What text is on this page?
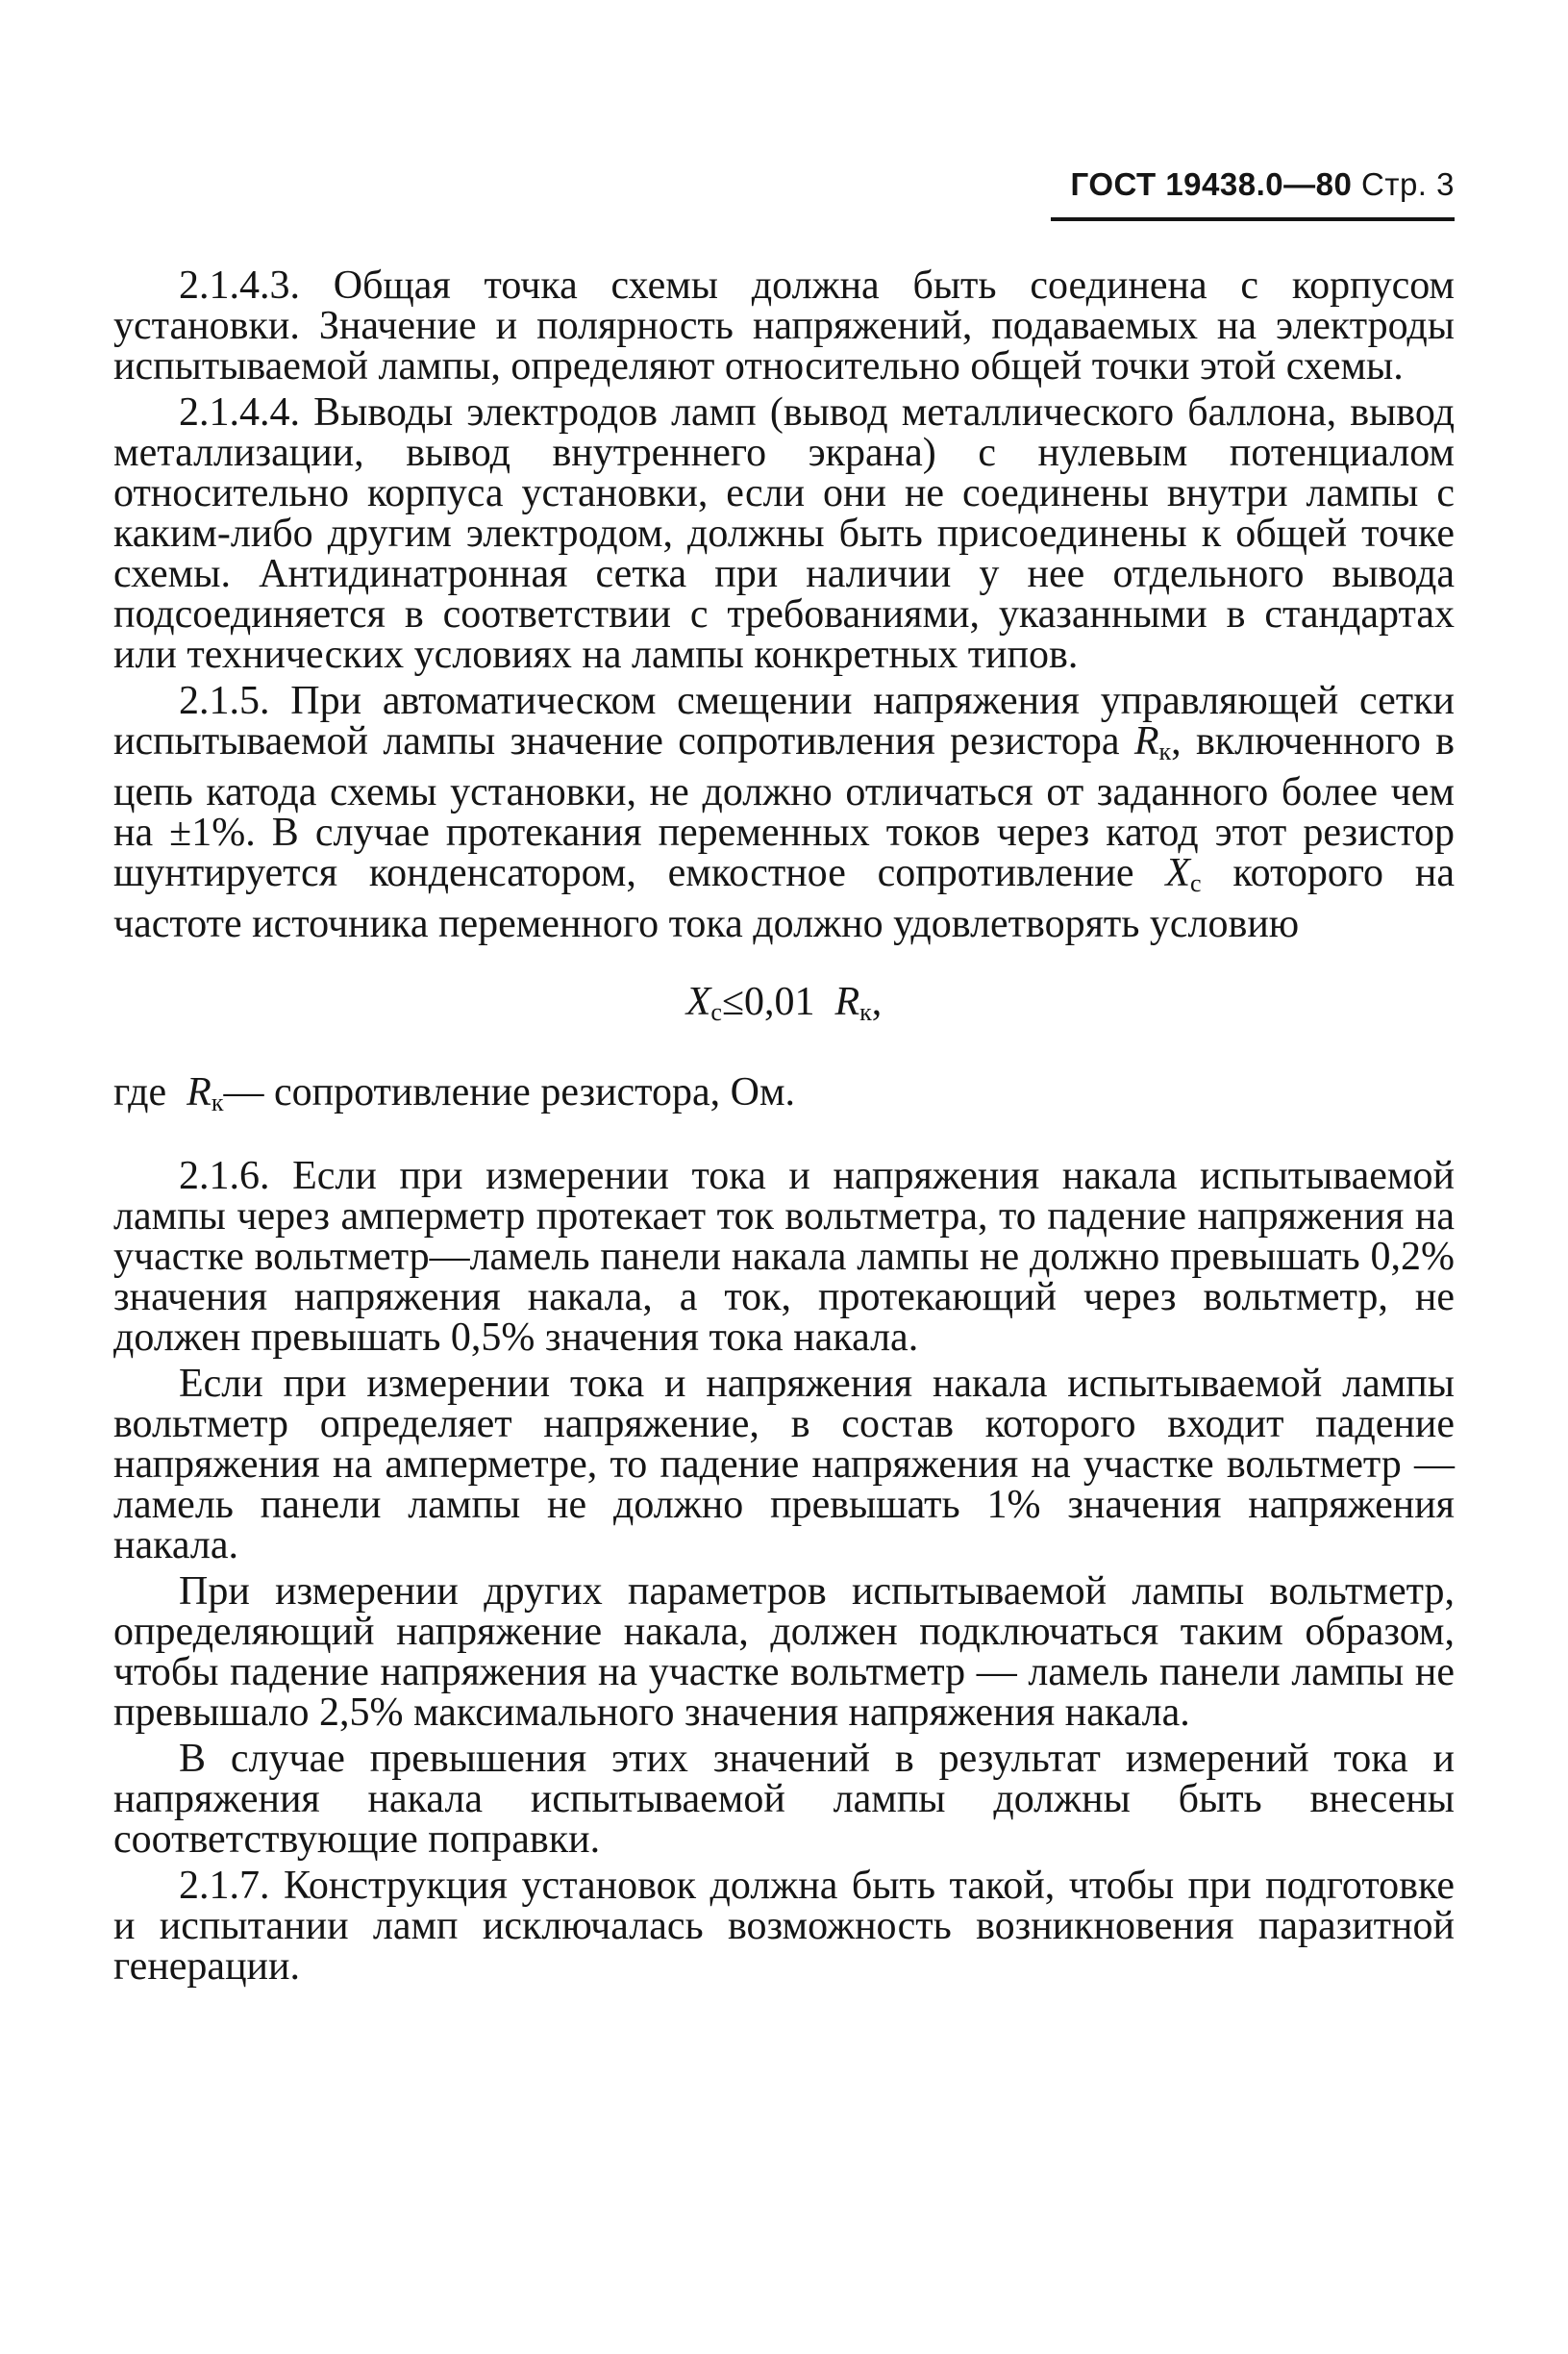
ГОСТ 19438.0—80 Стр. 3

2.1.4.3. Общая точка схемы должна быть соединена с корпусом установки. Значение и полярность напряжений, подаваемых на электроды испытываемой лампы, определяют относительно общей точки этой схемы.

2.1.4.4. Выводы электродов ламп (вывод металлического баллона, вывод металлизации, вывод внутреннего экрана) с нулевым потенциалом относительно корпуса установки, если они не соединены внутри лампы с каким-либо другим электродом, должны быть присоединены к общей точке схемы. Антидинатронная сетка при наличии у нее отдельного вывода подсоединяется в соответствии с требованиями, указанными в стандартах или технических условиях на лампы конкретных типов.

2.1.5. При автоматическом смещении напряжения управляющей сетки испытываемой лампы значение сопротивления резистора $R_к$, включенного в цепь катода схемы установки, не должно отличаться от заданного более чем на ±1%. В случае протекания переменных токов через катод этот резистор шунтируется конденсатором, емкостное сопротивление $X_с$ которого на частоте источника переменного тока должно удовлетворять условию

$X_с\le 0,01$ $R_к$,

где  $R_к—$ сопротивление резистора, Ом.

2.1.6. Если при измерении тока и напряжения накала испытываемой лампы через амперметр протекает ток вольтметра, то падение напряжения на участке вольтметр—ламель панели накала лампы не должно превышать 0,2% значения напряжения накала, а ток, протекающий через вольтметр, не должен превышать 0,5% значения тока накала.

Если при измерении тока и напряжения накала испытываемой лампы вольтметр определяет напряжение, в состав которого входит падение напряжения на амперметре, то падение напряжения на участке вольтметр — ламель панели лампы не должно превышать 1% значения напряжения накала.

При измерении других параметров испытываемой лампы вольтметр, определяющий напряжение накала, должен подключаться таким образом, чтобы падение напряжения на участке вольтметр — ламель панели лампы не превышало 2,5% максимального значения напряжения накала.

В случае превышения этих значений в результат измерений тока и напряжения накала испытываемой лампы должны быть внесены соответствующие поправки.

2.1.7. Конструкция установок должна быть такой, чтобы при подготовке и испытании ламп исключалась возможность возникновения паразитной генерации.
